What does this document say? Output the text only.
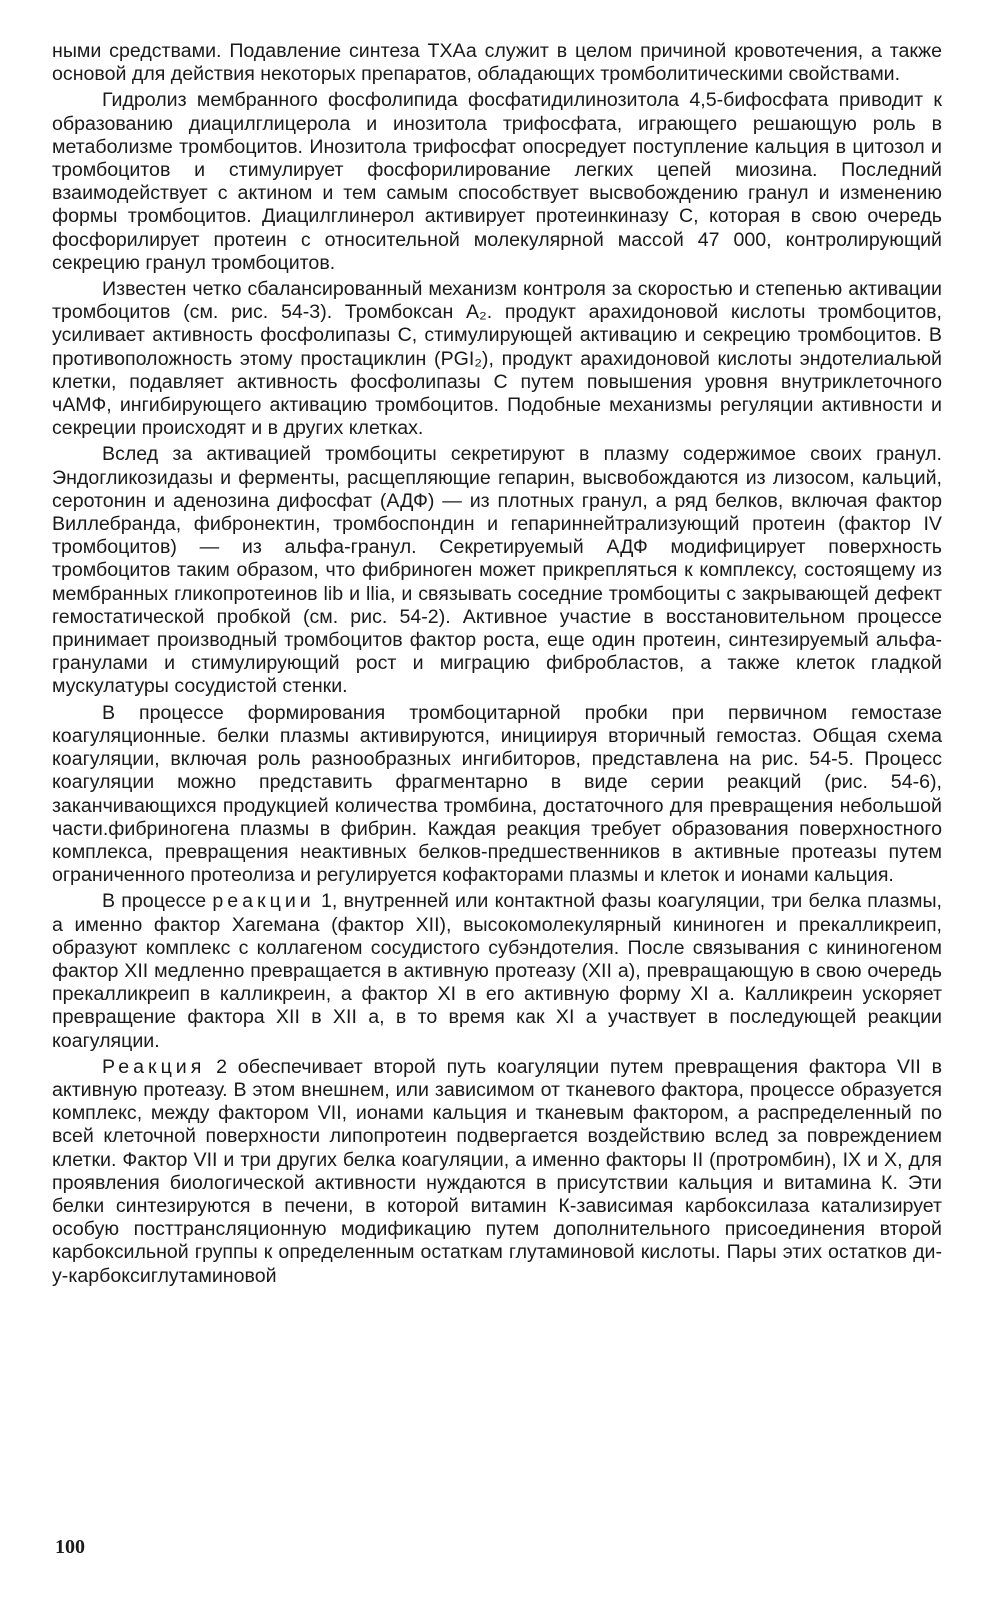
ными средствами. Подавление синтеза ТХАа служит в целом причиной кровотечения, а также основой для действия некоторых препаратов, обладающих тромболитическими свойствами.

Гидролиз мембранного фосфолипида фосфатидилинозитола 4,5-бифосфата приводит к образованию диацилглицерола и инозитола трифосфата, играющего решающую роль в метаболизме тромбоцитов. Инозитола трифосфат опосредует поступление кальция в цитозол и тромбоцитов и стимулирует фосфорилирование легких цепей миозина. Последний взаимодействует с актином и тем самым способствует высвобождению гранул и изменению формы тромбоцитов. Диацилглинерол активирует протеинкиназу С, которая в свою очередь фосфорилирует протеин с относительной молекулярной массой 47 000, контролирующий секрецию гранул тромбоцитов.

Известен четко сбалансированный механизм контроля за скоростью и степенью активации тромбоцитов (см. рис. 54-3). Тромбоксан A₂. продукт арахидоновой кислоты тромбоцитов, усиливает активность фосфолипазы С, стимулирующей активацию и секрецию тромбоцитов. В противоположность этому простациклин (PGI₂), продукт арахидоновой кислоты эндотелиальюй клетки, подавляет активность фосфолипазы С путем повышения уровня внутриклеточного чАМФ, ингибирующего активацию тромбоцитов. Подобные механизмы регуляции активности и секреции происходят и в других клетках.

Вслед за активацией тромбоциты секретируют в плазму содержимое своих гранул. Эндогликозидазы и ферменты, расщепляющие гепарин, высвобождаются из лизосом, кальций, серотонин и аденозина дифосфат (АДФ) — из плотных гранул, а ряд белков, включая фактор Виллебранда, фибронектин, тромбоспондин и гепариннейтрализующий протеин (фактор IV тромбоцитов) — из альфа-гранул. Секретируемый АДФ модифицирует поверхность тромбоцитов таким образом, что фибриноген может прикрепляться к комплексу, состоящему из мембранных гликопротеинов lib и llia, и связывать соседние тромбоциты с закрывающей дефект гемостатической пробкой (см. рис. 54-2). Активное участие в восстановительном процессе принимает производный тромбоцитов фактор роста, еще один протеин, синтезируемый альфа-гранулами и стимулирующий рост и миграцию фибробластов, а также клеток гладкой мускулатуры сосудистой стенки.

В процессе формирования тромбоцитарной пробки при первичном гемостазе коагуляционные. белки плазмы активируются, инициируя вторичный гемостаз. Общая схема коагуляции, включая роль разнообразных ингибиторов, представлена на рис. 54-5. Процесс коагуляции можно представить фрагментарно в виде серии реакций (рис. 54-6), заканчивающихся продукцией количества тромбина, достаточного для превращения небольшой части.фибриногена плазмы в фибрин. Каждая реакция требует образования поверхностного комплекса, превращения неактивных белков-предшественников в активные протеазы путем ограниченного протеолиза и регулируется кофакторами плазмы и клеток и ионами кальция.

В процессе реакции 1, внутренней или контактной фазы коагуляции, три белка плазмы, а именно фактор Хагемана (фактор XII), высокомолекулярный кининоген и прекалликреип, образуют комплекс с коллагеном сосудистого субэндотелия. После связывания с кининогеном фактор XII медленно превращается в активную протеазу (XII а), превращающую в свою очередь прекалликреип в калликреин, а фактор XI в его активную форму XI а. Калликреин ускоряет превращение фактора XII в XII а, в то время как XI а участвует в последующей реакции коагуляции.

Реакция 2 обеспечивает второй путь коагуляции путем превращения фактора VII в активную протеазу. В этом внешнем, или зависимом от тканевого фактора, процессе образуется комплекс, между фактором VII, ионами кальция и тканевым фактором, а распределенный по всей клеточной поверхности липопротеин подвергается воздействию вслед за повреждением клетки. Фактор VII и три других белка коагуляции, а именно факторы II (протромбин), IX и X, для проявления биологической активности нуждаются в присутствии кальция и витамина К. Эти белки синтезируются в печени, в которой витамин К-зависимая карбоксилаза катализирует особую посттрансляционную модификацию путем дополнительного присоединения второй карбоксильной группы к определенным остаткам глутаминовой кислоты. Пары этих остатков ди-у-карбоксиглутаминовой

100
